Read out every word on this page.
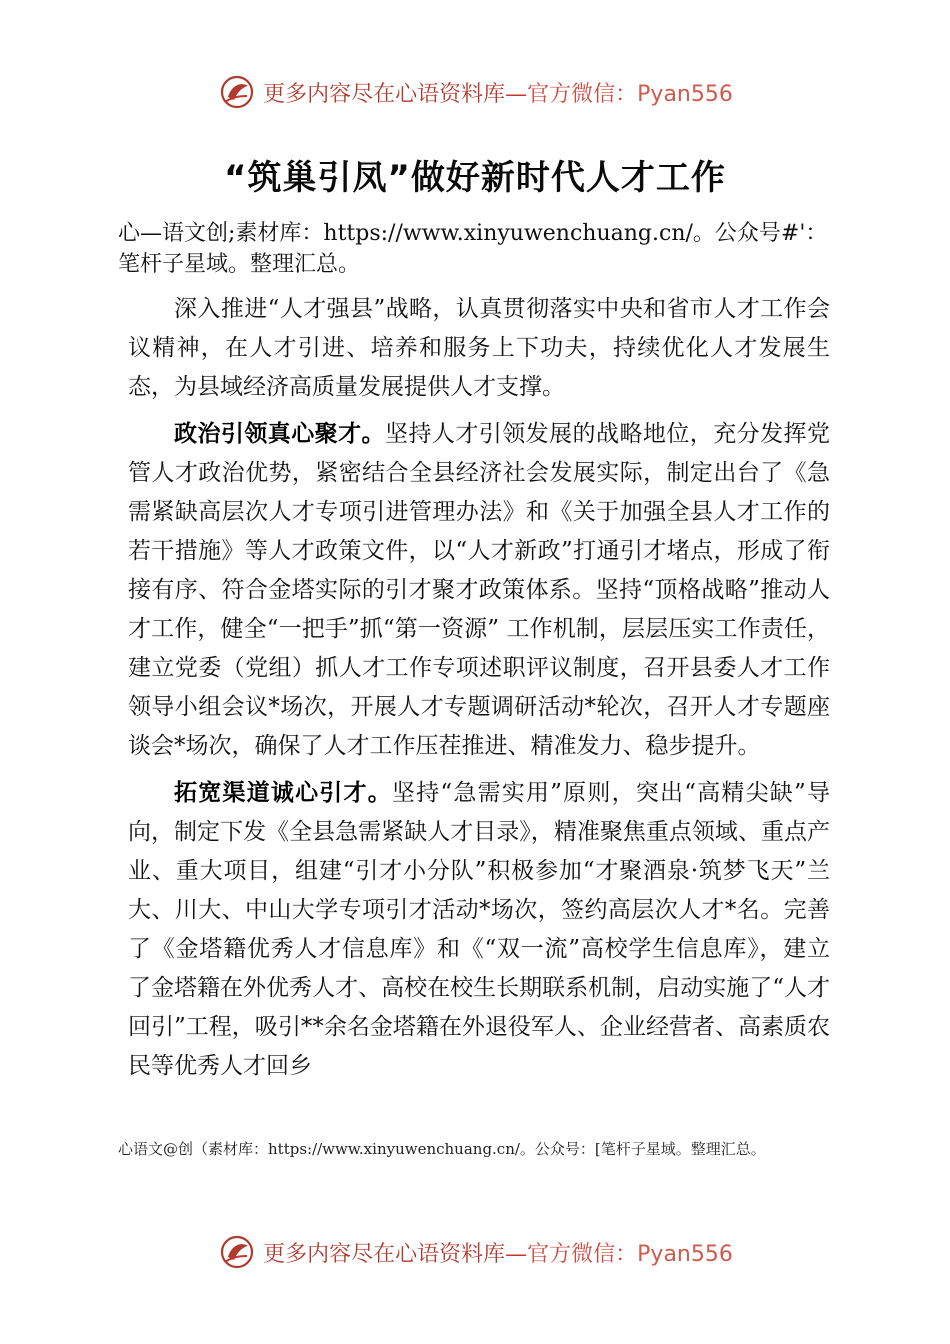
更多内容尽在心语资料库—官方微信：Pyan556
“筑巢引凤”做好新时代人才工作
心—语文创;素材库：https://www.xinyuwenchuang.cn/。公众号#'：笔杆子星域。整理汇总。

深入推进“人才强县”战略，认真贯彻落实中央和省市人才工作会议精神，在人才引进、培养和服务上下功夫，持续优化人才发展生态，为县域经济高质量发展提供人才支撑。

政治引领真心聚才。坚持人才引领发展的战略地位，充分发挥党管人才政治优势，紧密结合全县经济社会发展实际，制定出台了《急需紧缺高层次人才专项引进管理办法》和《关于加强全县人才工作的若干措施》等人才政策文件，以“人才新政”打通引才堵点，形成了衔接有序、符合金塔实际的引才聚才政策体系。坚持“顶格战略”推动人才工作，健全“一把手”抓“第一资源” 工作机制，层层压实工作责任，建立党委（党组）抓人才工作专项述职评议制度，召开县委人才工作领导小组会议*场次，开展人才专题调研活动*轮次，召开人才专题座谈会*场次，确保了人才工作压茬推进、精准发力、稳步提升。

拓宽渠道诚心引才。坚持“急需实用”原则，突出“高精尖缺”导向，制定下发《全县急需紧缺人才目录》，精准聚焦重点领域、重点产业、重大项目，组建“引才小分队”积极参加“才聚酒泉·筑梦飞天”兰大、川大、中山大学专项引才活动*场次，签约高层次人才*名。完善了《金塔籍优秀人才信息库》和《“双一流”高校学生信息库》，建立了金塔籍在外优秀人才、高校在校生长期联系机制，启动实施了“人才回引”工程，吸引**余名金塔籍在外退役军人、企业经营者、高素质农民等优秀人才回乡

心语文@创（素材库：https://www.xinyuwenchuang.cn/。公众号：[笔杆子星域。整理汇总。
更多内容尽在心语资料库—官方微信：Pyan556
